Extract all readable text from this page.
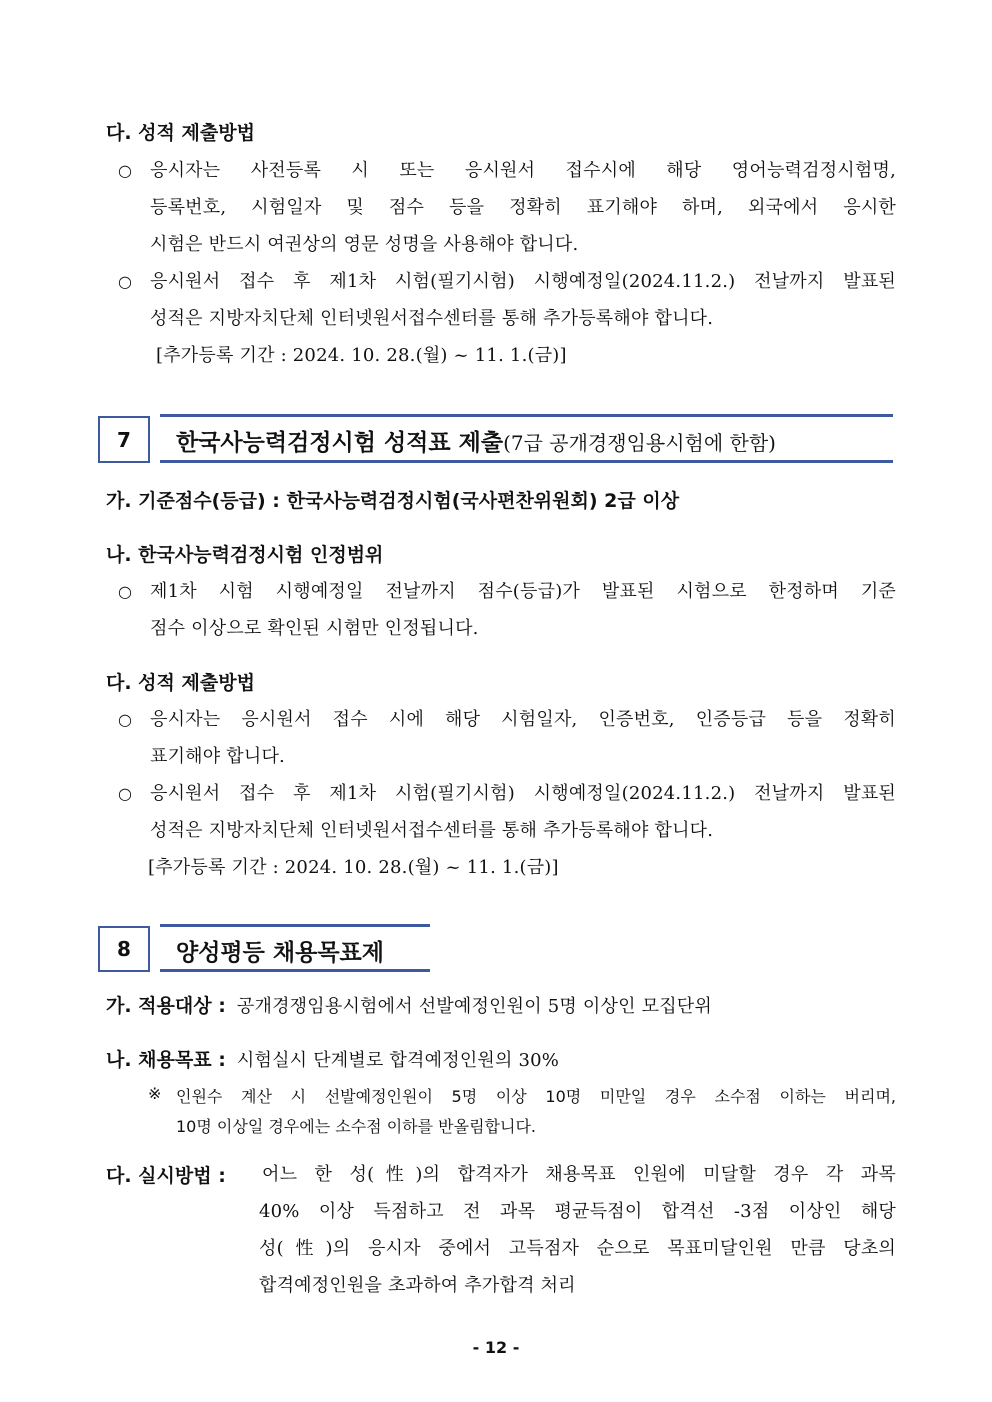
다. 성적 제출방법
○ 응시자는 사전등록 시 또는 응시원서 접수시에 해당 영어능력검정시험명,
등록번호, 시험일자 및 점수 등을 정확히 표기해야 하며, 외국에서 응시한
시험은 반드시 여권상의 영문 성명을 사용해야 합니다.
○ 응시원서 접수 후 제1차 시험(필기시험) 시행예정일(2024.11.2.) 전날까지 발표된
성적은 지방자치단체 인터넷원서접수센터를 통해 추가등록해야 합니다.
[추가등록 기간 : 2024. 10. 28.(월) ~ 11. 1.(금)]
7 한국사능력검정시험 성적표 제출(7급 공개경쟁임용시험에 한함)
가. 기준점수(등급) : 한국사능력검정시험(국사편찬위원회) 2급 이상
나. 한국사능력검정시험 인정범위
○ 제1차 시험 시행예정일 전날까지 점수(등급)가 발표된 시험으로 한정하며 기준
점수 이상으로 확인된 시험만 인정됩니다.
다. 성적 제출방법
○ 응시자는 응시원서 접수 시에 해당 시험일자, 인증번호, 인증등급 등을 정확히
표기해야 합니다.
○ 응시원서 접수 후 제1차 시험(필기시험) 시행예정일(2024.11.2.) 전날까지 발표된
성적은 지방자치단체 인터넷원서접수센터를 통해 추가등록해야 합니다.
[추가등록 기간 : 2024. 10. 28.(월) ~ 11. 1.(금)]
8 양성평등 채용목표제
가. 적용대상 : 공개경쟁임용시험에서 선발예정인원이 5명 이상인 모집단위
나. 채용목표 : 시험실시 단계별로 합격예정인원의 30%
※ 인원수 계산 시 선발예정인원이 5명 이상 10명 미만일 경우 소수점 이하는 버리며,
10명 이상일 경우에는 소수점 이하를 반올림합니다.
다. 실시방법 : 어느 한 성(性)의 합격자가 채용목표 인원에 미달할 경우 각 과목
40% 이상 득점하고 전 과목 평균득점이 합격선 -3점 이상인 해당
성(性)의 응시자 중에서 고득점자 순으로 목표미달인원 만큼 당초의
합격예정인원을 초과하여 추가합격 처리
- 12 -
